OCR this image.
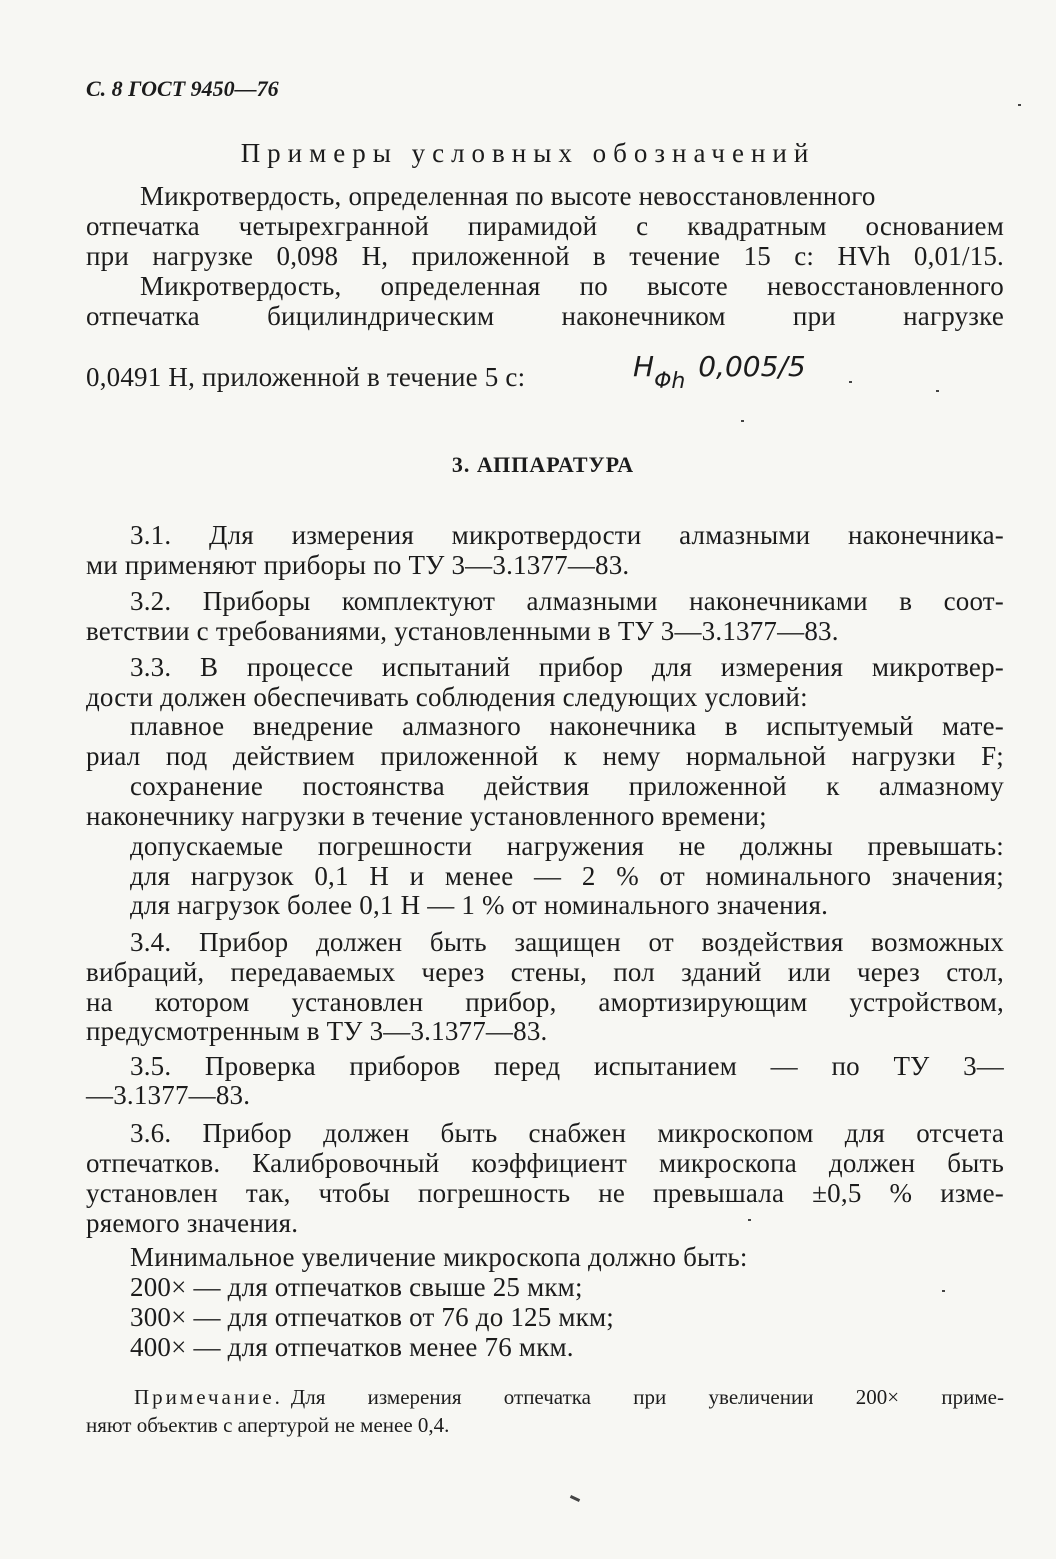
С. 8 ГОСТ 9450—76
Примеры условных обозначений
Микротвердость, определенная по высоте невосстановленного
отпечатка четырехгранной пирамидой с квадратным основанием
при нагрузке 0,098 Н, приложенной в течение 15 с: HVh 0,01/15.
Микротвердость, определенная по высоте невосстановленного
отпечатка бицилиндрическим наконечником при нагрузке
0,0491 Н, приложенной в течение 5 с:	$H_{\Phi h}$ 0,005/5
3. АППАРАТУРА
3.1. Для измерения микротвердости алмазными наконечника-
ми применяют приборы по ТУ 3—3.1377—83.
3.2. Приборы комплектуют алмазными наконечниками в соот-
ветствии с требованиями, установленными в ТУ 3—3.1377—83.
3.3. В процессе испытаний прибор для измерения микротвер-
дости должен обеспечивать соблюдения следующих условий:
плавное внедрение алмазного наконечника в испытуемый мате-
риал под действием приложенной к нему нормальной нагрузки F;
сохранение постоянства действия приложенной к алмазному
наконечнику нагрузки в течение установленного времени;
допускаемые погрешности нагружения не должны превышать:
для нагрузок 0,1 Н и менее — 2 % от номинального значения;
для нагрузок более 0,1 Н — 1 % от номинального значения.
3.4. Прибор должен быть защищен от воздействия возможных
вибраций, передаваемых через стены, пол зданий или через стол,
на котором установлен прибор, амортизирующим устройством,
предусмотренным в ТУ 3—3.1377—83.
3.5. Проверка приборов перед испытанием — по ТУ 3—
—3.1377—83.
3.6. Прибор должен быть снабжен микроскопом для отсчета
отпечатков. Калибровочный коэффициент микроскопа должен быть
установлен так, чтобы погрешность не превышала ±0,5 % изме-
ряемого значения.
Минимальное увеличение микроскопа должно быть:
200× — для отпечатков свыше 25 мкм;
300× — для отпечатков от 76 до 125 мкм;
400× — для отпечатков менее 76 мкм.
Примечание. Для измерения отпечатка при увеличении 200× приме-
няют объектив с апертурой не менее 0,4.
